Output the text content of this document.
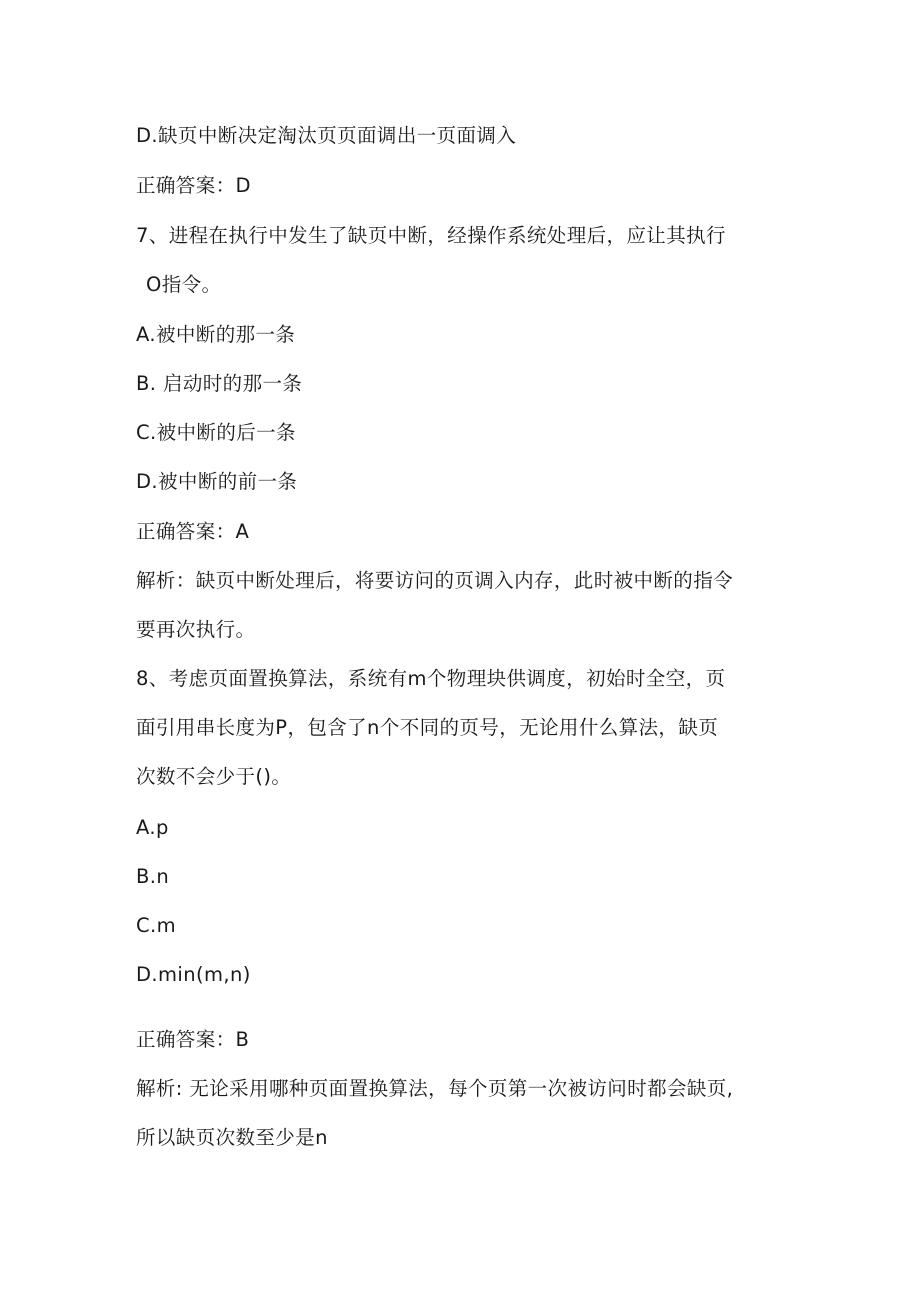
D.缺页中断决定淘汰页页面调出一页面调入
正确答案：D
7、进程在执行中发生了缺页中断，经操作系统处理后，应让其执行
O指令。
A.被中断的那一条
B. 启动时的那一条
C.被中断的后一条
D.被中断的前一条
正确答案：A
解析：缺页中断处理后，将要访问的页调入内存，此时被中断的指令
要再次执行。
8、考虑页面置换算法，系统有m个物理块供调度，初始时全空，页
面引用串长度为P，包含了n个不同的页号，无论用什么算法，缺页
次数不会少于()。
A.p
B.n
C.m
D.min(m,n)
正确答案：B
解析: 无论采用哪种页面置换算法，每个页第一次被访问时都会缺页,
所以缺页次数至少是n
